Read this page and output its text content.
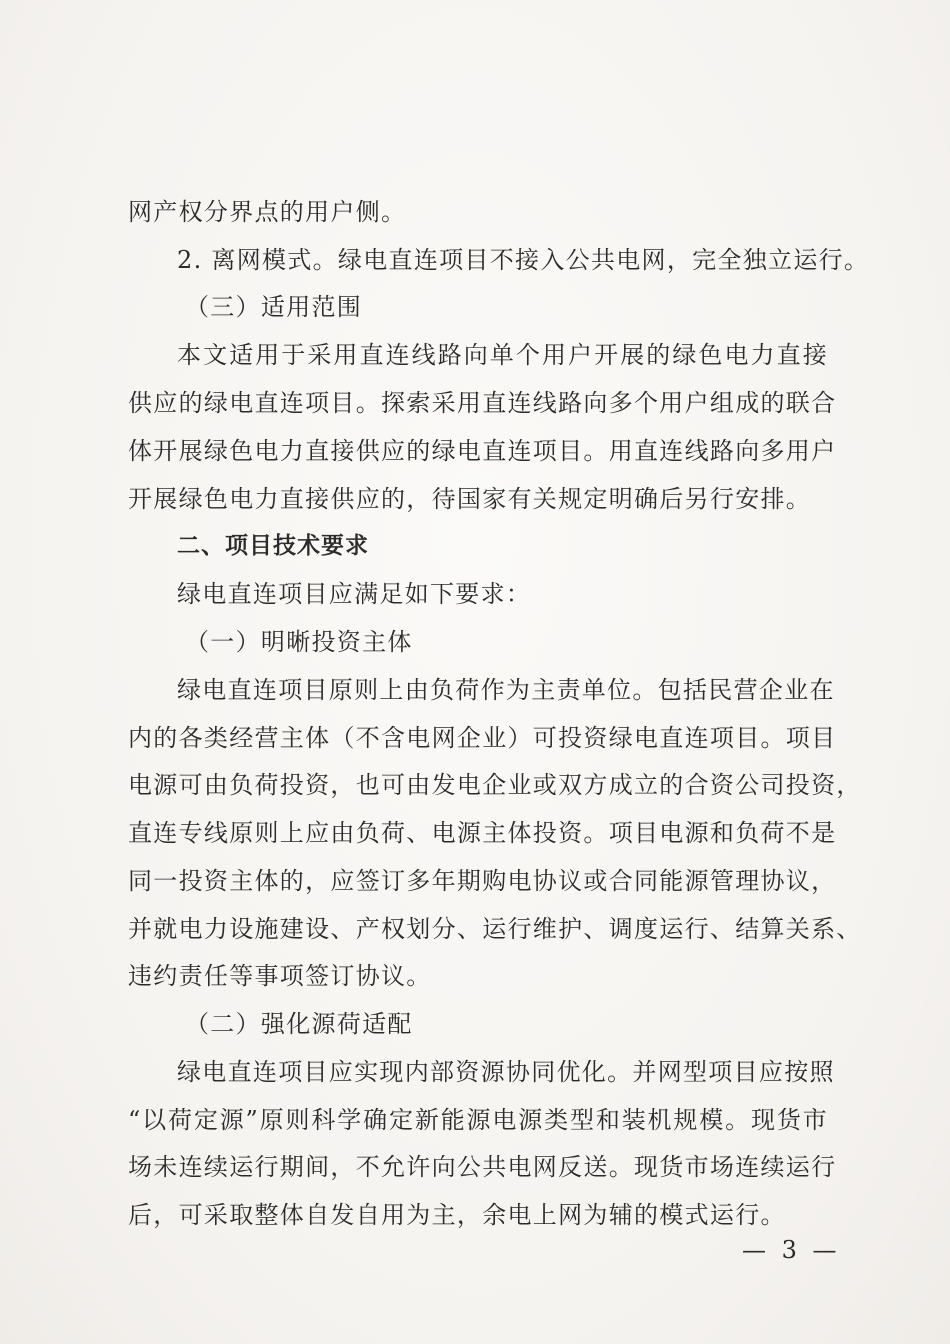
网产权分界点的用户侧。
2. 离网模式。绿电直连项目不接入公共电网，完全独立运行。
（三）适用范围
本文适用于采用直连线路向单个用户开展的绿色电力直接
供应的绿电直连项目。探索采用直连线路向多个用户组成的联合
体开展绿色电力直接供应的绿电直连项目。用直连线路向多用户
开展绿色电力直接供应的，待国家有关规定明确后另行安排。
二、项目技术要求
绿电直连项目应满足如下要求：
（一）明晰投资主体
绿电直连项目原则上由负荷作为主责单位。包括民营企业在
内的各类经营主体（不含电网企业）可投资绿电直连项目。项目
电源可由负荷投资，也可由发电企业或双方成立的合资公司投资，
直连专线原则上应由负荷、电源主体投资。项目电源和负荷不是
同一投资主体的，应签订多年期购电协议或合同能源管理协议，
并就电力设施建设、产权划分、运行维护、调度运行、结算关系、
违约责任等事项签订协议。
（二）强化源荷适配
绿电直连项目应实现内部资源协同优化。并网型项目应按照
“以荷定源”原则科学确定新能源电源类型和装机规模。现货市
场未连续运行期间，不允许向公共电网反送。现货市场连续运行
后，可采取整体自发自用为主，余电上网为辅的模式运行。
— 3 —
